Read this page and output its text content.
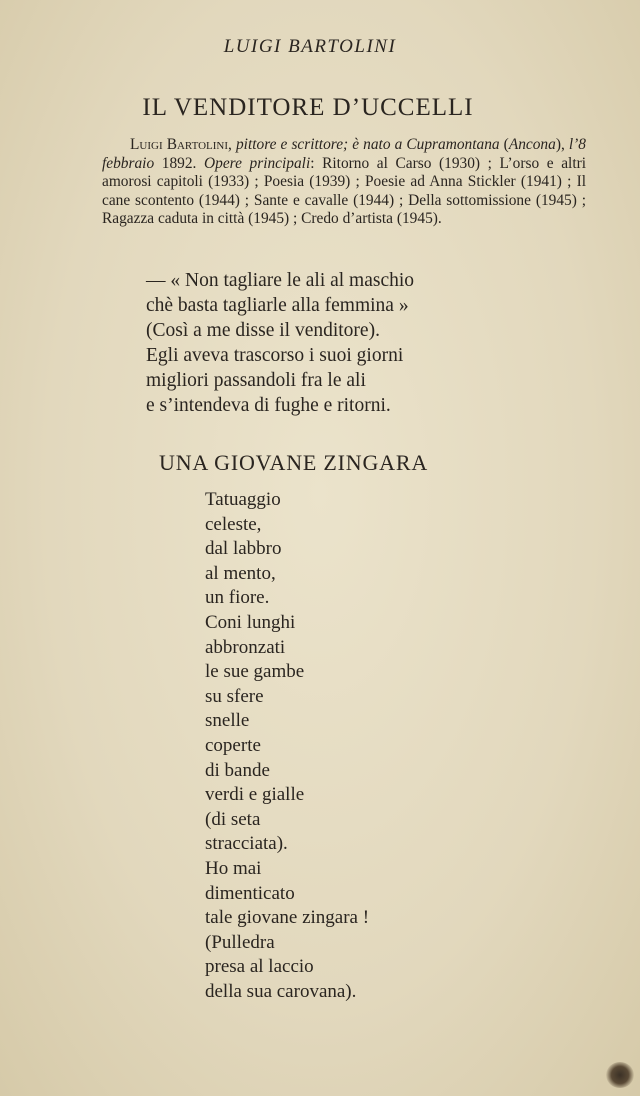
LUIGI BARTOLINI
IL VENDITORE D’UCCELLI
Luigi Bartolini, pittore e scrittore; è nato a Cupramontana (Ancona), l’8 febbraio 1892. Opere principali: Ritorno al Carso (1930) ; L’orso e altri amorosi capitoli (1933) ; Poesia (1939) ; Poesie ad Anna Stickler (1941) ; Il cane scontento (1944) ; Sante e cavalle (1944) ; Della sottomissione (1945) ; Ragazza caduta in città (1945) ; Credo d’artista (1945).
— « Non tagliare le ali al maschio
chè basta tagliarle alla femmina »
(Così a me disse il venditore).
Egli aveva trascorso i suoi giorni
migliori passandoli fra le ali
e s’intendeva di fughe e ritorni.
UNA GIOVANE ZINGARA
Tatuaggio
celeste,
dal labbro
al mento,
un fiore.
Coni lunghi
abbronzati
le sue gambe
su sfere
snelle
coperte
di bande
verdi e gialle
(di seta
stracciata).
Ho mai
dimenticato
tale giovane zingara !
(Pulledra
presa al laccio
della sua carovana).
